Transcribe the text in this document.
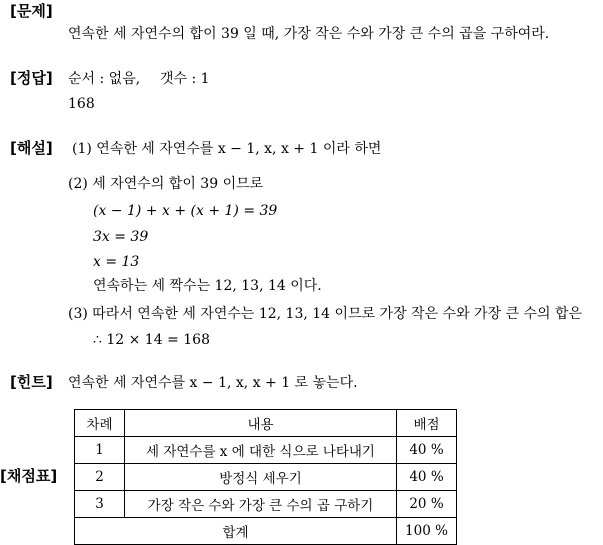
[문제]
연속한 세 자연수의 합이 39 일 때, 가장 작은 수와 가장 큰 수의 곱을 구하여라.
[정답] 순서 : 없음, 갯수 : 1
168
[해설] (1) 연속한 세 자연수를 x − 1, x, x + 1 이라 하면
(2) 세 자연수의 합이 39 이므로
(x − 1) + x + (x + 1) = 39
3x = 39
x = 13
연속하는 세 짝수는 12, 13, 14 이다.
(3) 따라서 연속한 세 자연수는 12, 13, 14 이므로 가장 작은 수와 가장 큰 수의 합은
∴ 12 × 14 = 168
[힌트] 연속한 세 자연수를 x − 1, x, x + 1 로 놓는다.
[채점표]
차례	내용	배점
1	세 자연수를 x 에 대한 식으로 나타내기	40 %
2	방정식 세우기	40 %
3	가장 작은 수와 가장 큰 수의 곱 구하기	20 %
합계		100 %
